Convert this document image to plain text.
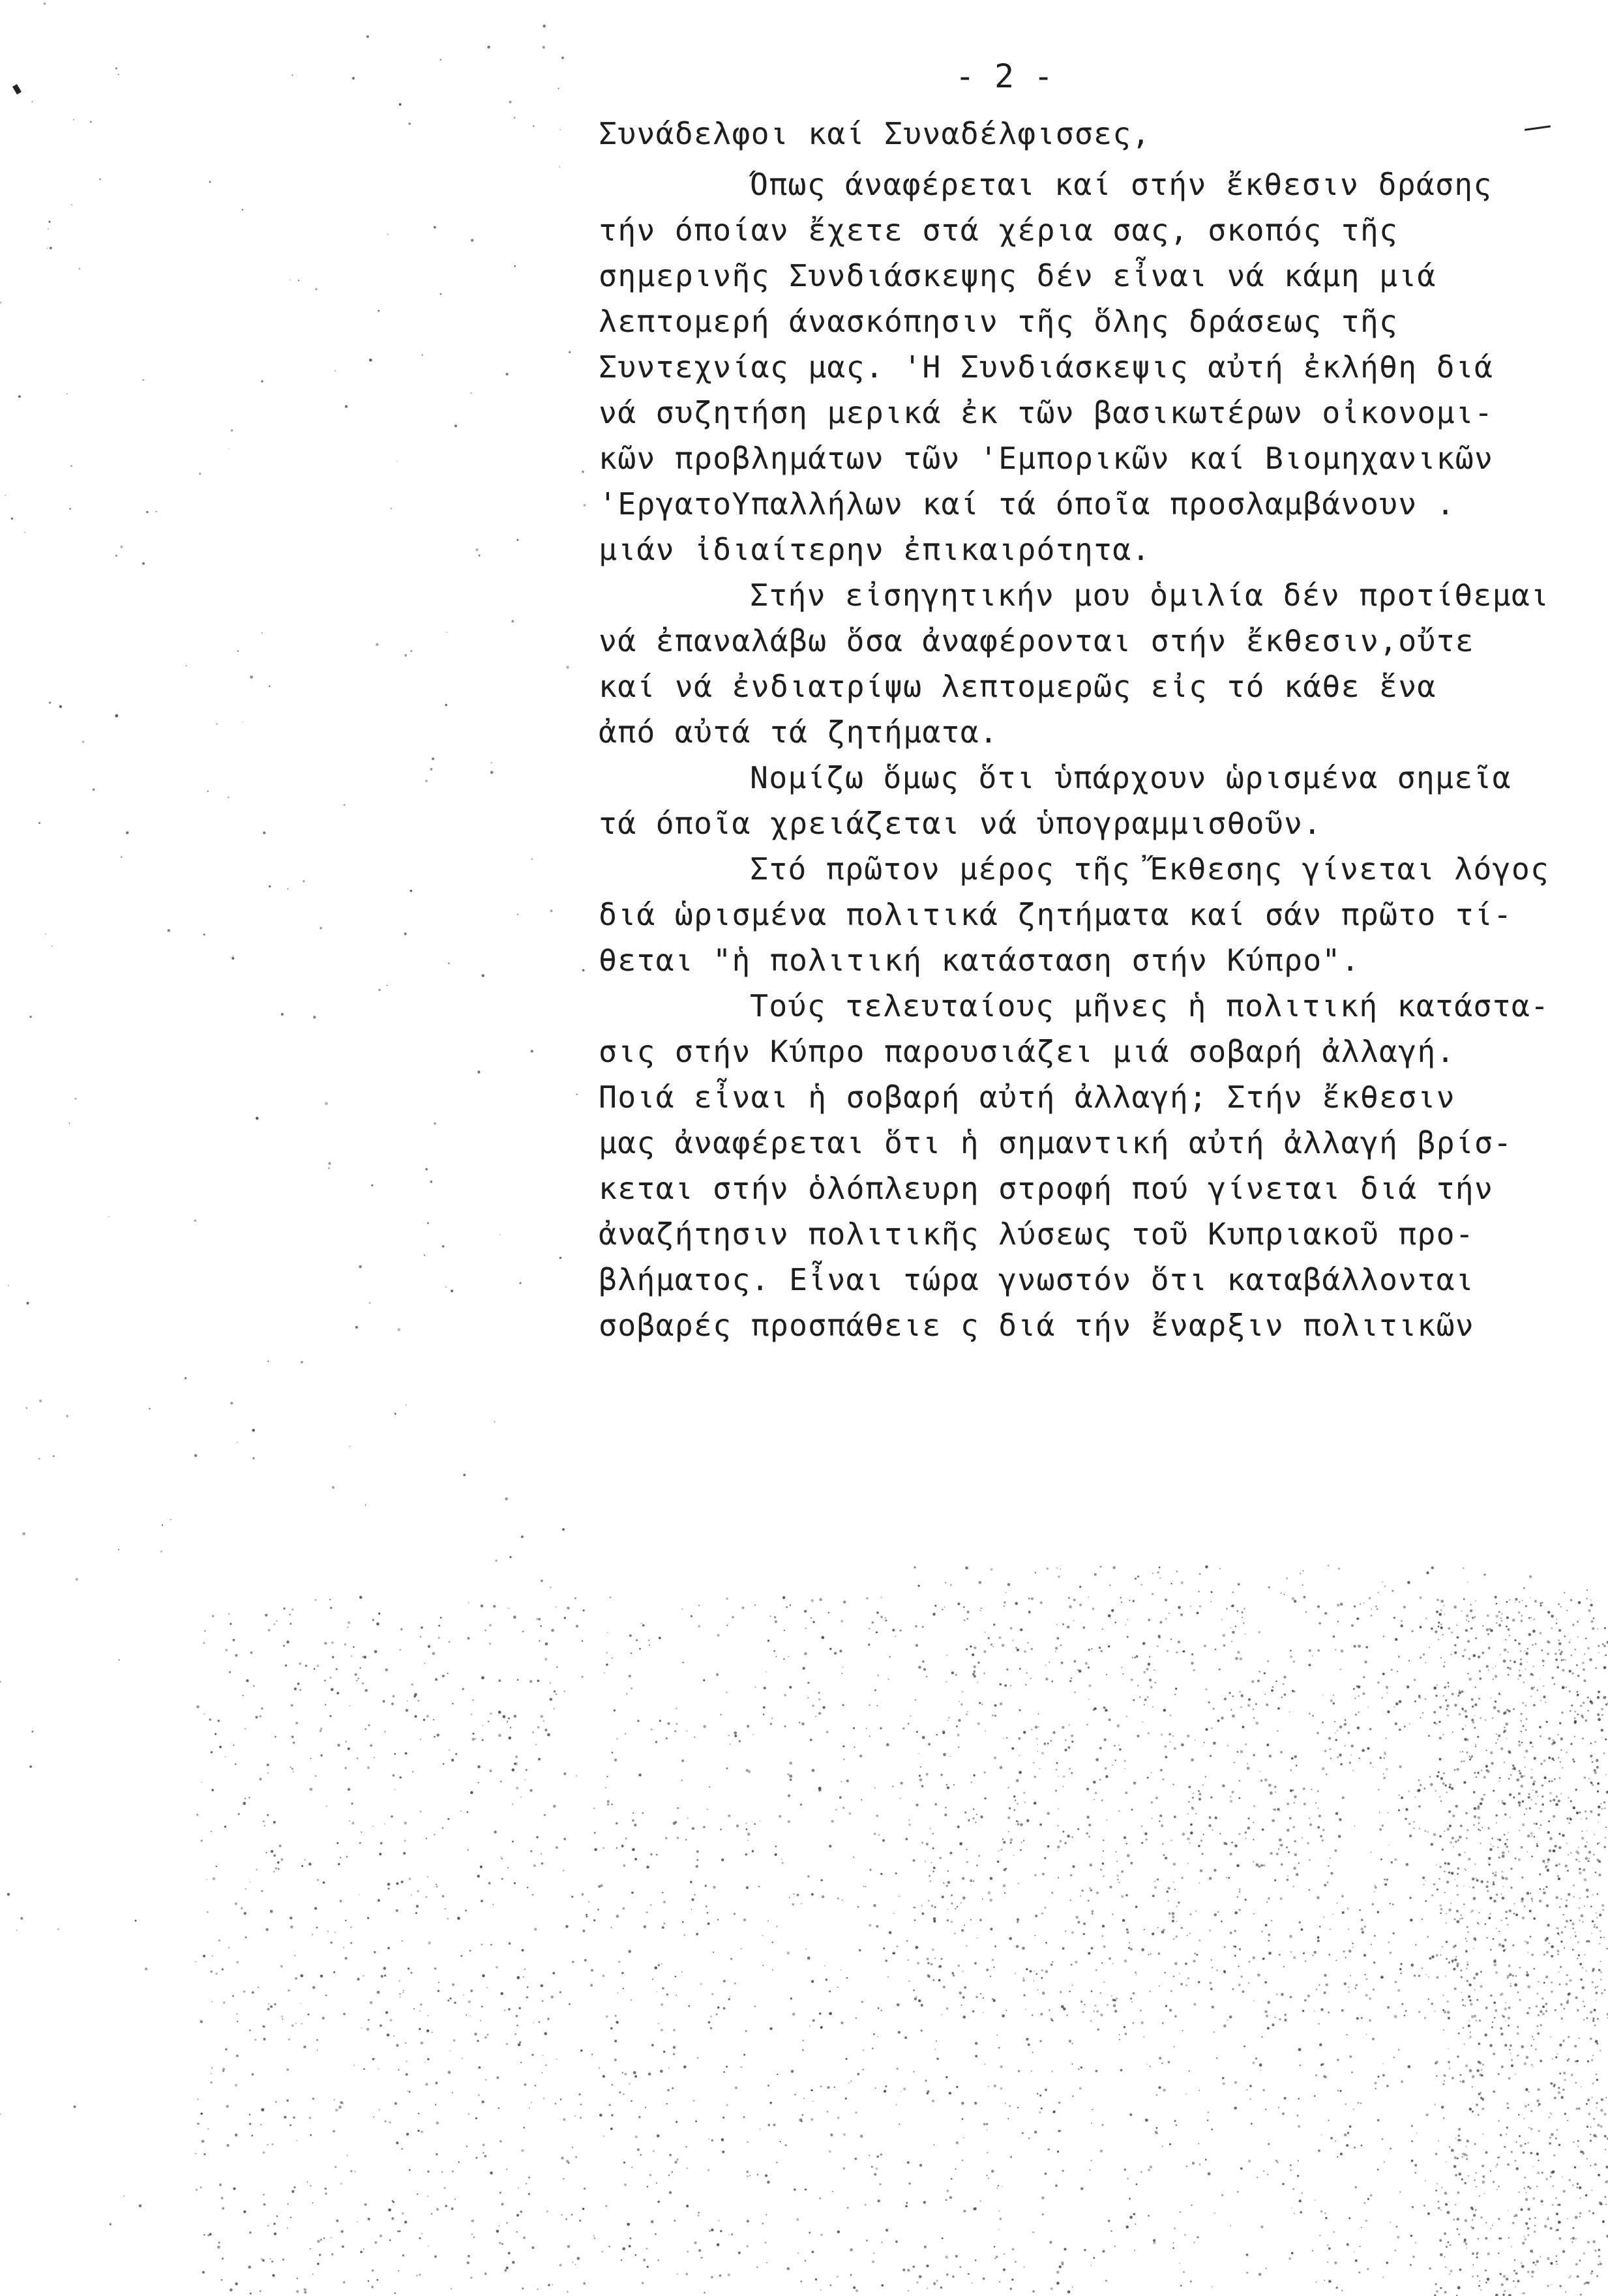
- 2 -
Συνάδελφοι καί Συναδέλφισσες,
Όπως άναφέρεται καί στήν ἔκθεσιν δράσης
τήν όποίαν ἔχετε στά χέρια σας, σκοπός τῆς
σημερινῆς Συνδιάσκεψης δέν εἶναι νά κάμη μιά
λεπτομερή άνασκόπησιν τῆς ὅλης δράσεως τῆς
Συντεχνίας μας. 'Η Συνδιάσκεψις αὐτή ἐκλήθη διά
νά συζητήση μερικά ἐκ τῶν βασικωτέρων οἰκονομι-
κῶν προβλημάτων τῶν 'Εμπορικῶν καί Βιομηχανικῶν
'ΕργατοΥπαλλήλων καί τά όποῖα προσλαμβάνουν .
μιάν ἰδιαίτερην ἐπικαιρότητα.
Στήν εἰσηγητικήν μου ὁμιλία δέν προτίθεμαι
νά ἐπαναλάβω ὅσα ἀναφέρονται στήν ἔκθεσιν,οὔτε
καί νά ἐνδιατρίψω λεπτομερῶς εἰς τό κάθε ἕνα
ἀπό αὐτά τά ζητήματα.
Νομίζω ὅμως ὅτι ὑπάρχουν ὡρισμένα σημεῖα
τά όποῖα χρειάζεται νά ὑπογραμμισθοῦν.
Στό πρῶτον μέρος τῆς Ἔκθεσης γίνεται λόγος
διά ὡρισμένα πολιτικά ζητήματα καί σάν πρῶτο τί-
θεται "ἡ πολιτική κατάσταση στήν Κύπρο".
Τούς τελευταίους μῆνες ἡ πολιτική κατάστα-
σις στήν Κύπρο παρουσιάζει μιά σοβαρή ἀλλαγή.
Ποιά εἶναι ἡ σοβαρή αὐτή ἀλλαγή; Στήν ἔκθεσιν
μας ἀναφέρεται ὅτι ἡ σημαντική αὐτή ἀλλαγή βρίσ-
κεται στήν ὁλόπλευρη στροφή πού γίνεται διά τήν
ἀναζήτησιν πολιτικῆς λύσεως τοῦ Κυπριακοῦ προ-
βλήματος. Εἶναι τώρα γνωστόν ὅτι καταβάλλονται
σοβαρές προσπάθειε ς διά τήν ἔναρξιν πολιτικῶν
